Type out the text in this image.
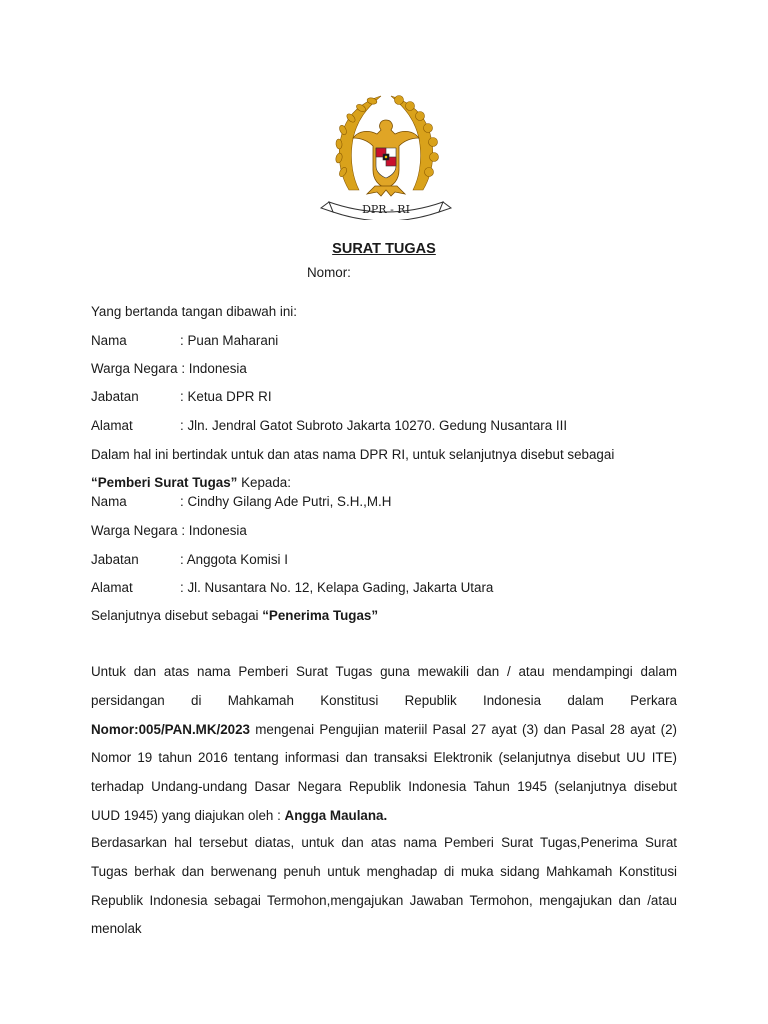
DPR - RI
SURAT TUGAS
Nomor:
Yang bertanda tangan dibawah ini:
Nama	: Puan Maharani
Warga Negara : Indonesia
Jabatan	: Ketua DPR RI
Alamat	: Jln. Jendral Gatot Subroto Jakarta 10270. Gedung Nusantara III
Dalam hal ini bertindak untuk dan atas nama DPR RI, untuk selanjutnya disebut sebagai
“Pemberi Surat Tugas” Kepada:
Nama	: Cindhy Gilang Ade Putri, S.H.,M.H
Warga Negara : Indonesia
Jabatan	: Anggota Komisi I
Alamat	: Jl. Nusantara No. 12, Kelapa Gading, Jakarta Utara
Selanjutnya disebut sebagai “Penerima Tugas”
Untuk dan atas nama Pemberi Surat Tugas guna mewakili dan / atau mendampingi dalam
persidangan di Mahkamah Konstitusi Republik Indonesia dalam Perkara
Nomor:005/PAN.MK/2023 mengenai Pengujian materiil Pasal 27 ayat (3) dan Pasal 28 ayat (2)
Nomor 19 tahun 2016 tentang informasi dan transaksi Elektronik (selanjutnya disebut UU ITE)
terhadap Undang-undang Dasar Negara Republik Indonesia Tahun 1945 (selanjutnya disebut
UUD 1945) yang diajukan oleh : Angga Maulana.
Berdasarkan hal tersebut diatas, untuk dan atas nama Pemberi Surat Tugas,Penerima Surat
Tugas berhak dan berwenang penuh untuk menghadap di muka sidang Mahkamah Konstitusi
Republik Indonesia sebagai Termohon,mengajukan Jawaban Termohon, mengajukan dan /atau
menolak
